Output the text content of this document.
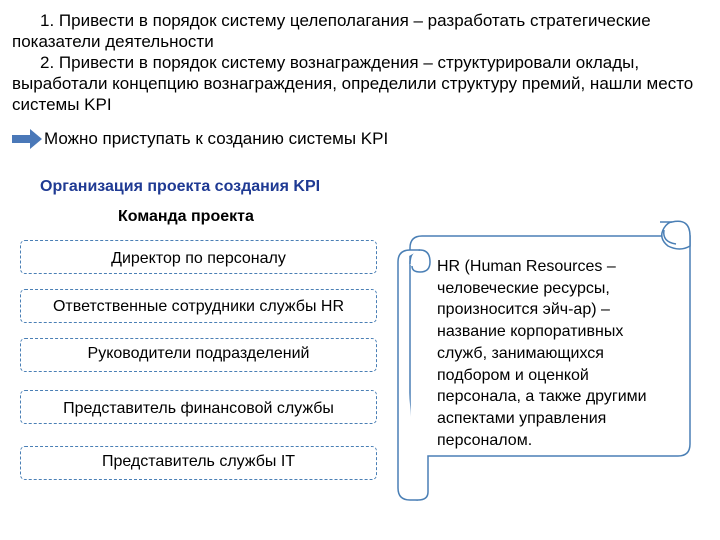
1. Привести в порядок систему целеполагания – разработать стратегические показатели деятельности

2. Привести в порядок систему вознаграждения – структурировали оклады, выработали концепцию вознаграждения, определили структуру премий, нашли место системы KPI

Можно приступать к созданию системы KPI
Организация проекта создания KPI
Команда проекта
Директор по персоналу
Ответственные сотрудники службы HR
Руководители подразделений
Представитель финансовой службы
Представитель службы IT
HR (Human Resources – человеческие ресурсы, произносится эйч-ар) – название корпоративных служб, занимающихся подбором и оценкой персонала, а также другими аспектами управления персоналом.
